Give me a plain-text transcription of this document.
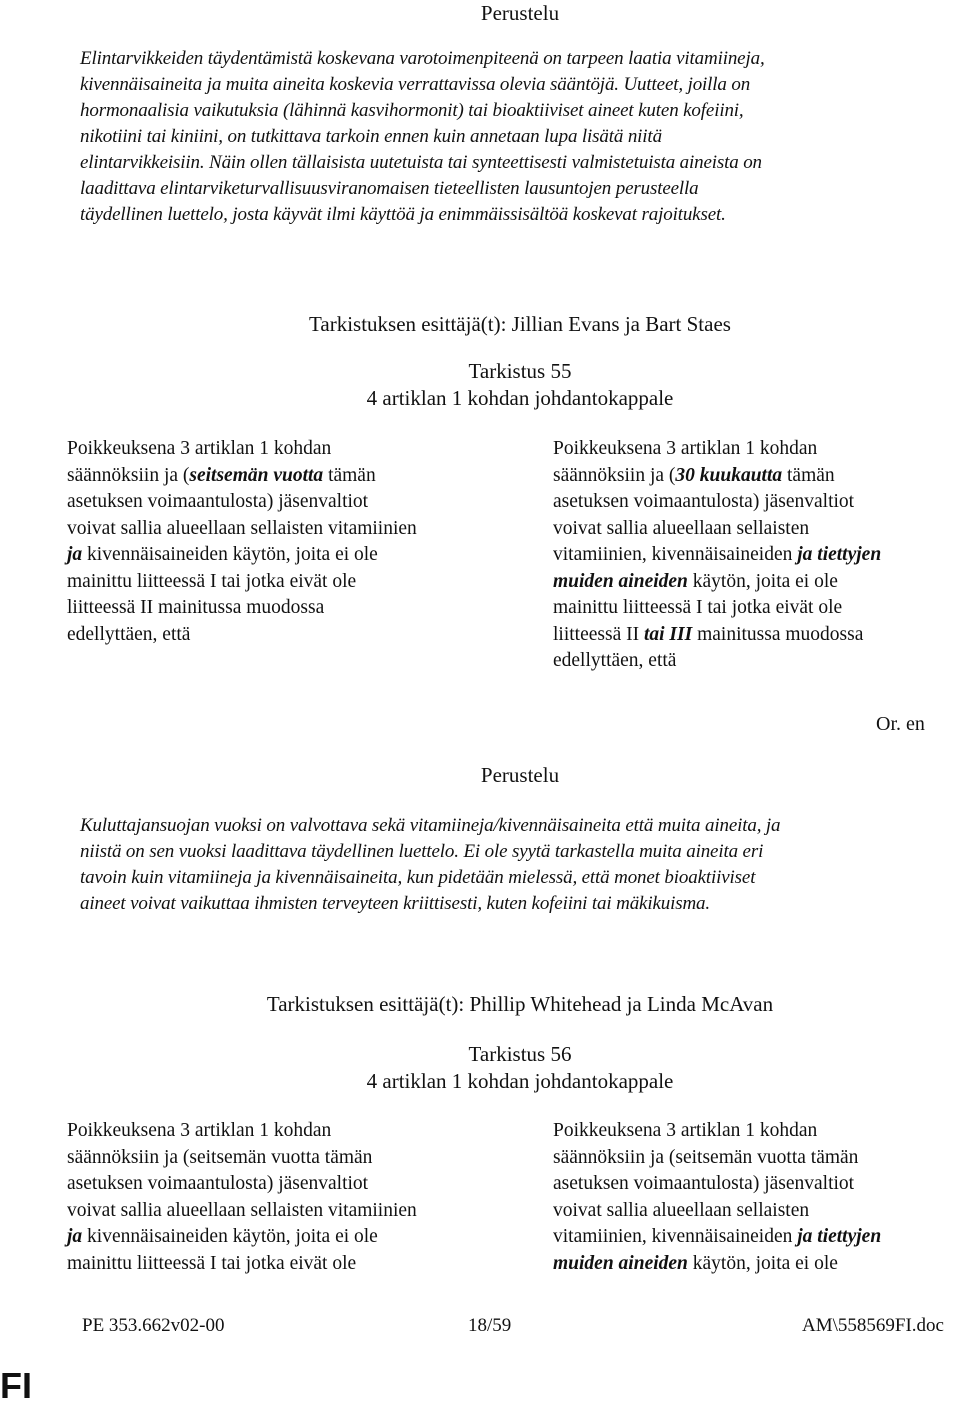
Perustelu
Elintarvikkeiden täydentämistä koskevana varotoimenpiteenä on tarpeen laatia vitamiineja,
kivennäisaineita ja muita aineita koskevia verrattavissa olevia sääntöjä. Uutteet, joilla on
hormonaalisia vaikutuksia (lähinnä kasvihormonit) tai bioaktiiviset aineet kuten kofeiini,
nikotiini tai kiniini, on tutkittava tarkoin ennen kuin annetaan lupa lisätä niitä
elintarvikkeisiin. Näin ollen tällaisista uutetuista tai synteettisesti valmistetuista aineista on
laadittava elintarviketurvallisuusviranomaisen tieteellisten lausuntojen perusteella
täydellinen luettelo, josta käyvät ilmi käyttöä ja enimmäissisältöä koskevat rajoitukset.
Tarkistuksen esittäjä(t): Jillian Evans ja Bart Staes
Tarkistus 55
4 artiklan 1 kohdan johdantokappale
Poikkeuksena 3 artiklan 1 kohdan
säännöksiin ja (seitsemän vuotta tämän
asetuksen voimaantulosta) jäsenvaltiot
voivat sallia alueellaan sellaisten vitamiinien
ja kivennäisaineiden käytön, joita ei ole
mainittu liitteessä I tai jotka eivät ole
liitteessä II mainitussa muodossa
edellyttäen, että
Poikkeuksena 3 artiklan 1 kohdan
säännöksiin ja (30 kuukautta tämän
asetuksen voimaantulosta) jäsenvaltiot
voivat sallia alueellaan sellaisten
vitamiinien, kivennäisaineiden ja tiettyjen
muiden aineiden käytön, joita ei ole
mainittu liitteessä I tai jotka eivät ole
liitteessä II tai III mainitussa muodossa
edellyttäen, että
Or. en
Perustelu
Kuluttajansuojan vuoksi on valvottava sekä vitamiineja/kivennäisaineita että muita aineita, ja
niistä on sen vuoksi laadittava täydellinen luettelo. Ei ole syytä tarkastella muita aineita eri
tavoin kuin vitamiineja ja kivennäisaineita, kun pidetään mielessä, että monet bioaktiiviset
aineet voivat vaikuttaa ihmisten terveyteen kriittisesti, kuten kofeiini tai mäkikuisma.
Tarkistuksen esittäjä(t): Phillip Whitehead ja Linda McAvan
Tarkistus 56
4 artiklan 1 kohdan johdantokappale
Poikkeuksena 3 artiklan 1 kohdan
säännöksiin ja (seitsemän vuotta tämän
asetuksen voimaantulosta) jäsenvaltiot
voivat sallia alueellaan sellaisten vitamiinien
ja kivennäisaineiden käytön, joita ei ole
mainittu liitteessä I tai jotka eivät ole
Poikkeuksena 3 artiklan 1 kohdan
säännöksiin ja (seitsemän vuotta tämän
asetuksen voimaantulosta) jäsenvaltiot
voivat sallia alueellaan sellaisten
vitamiinien, kivennäisaineiden ja tiettyjen
muiden aineiden käytön, joita ei ole
PE 353.662v02-00	18/59	AM\558569FI.doc
FI
